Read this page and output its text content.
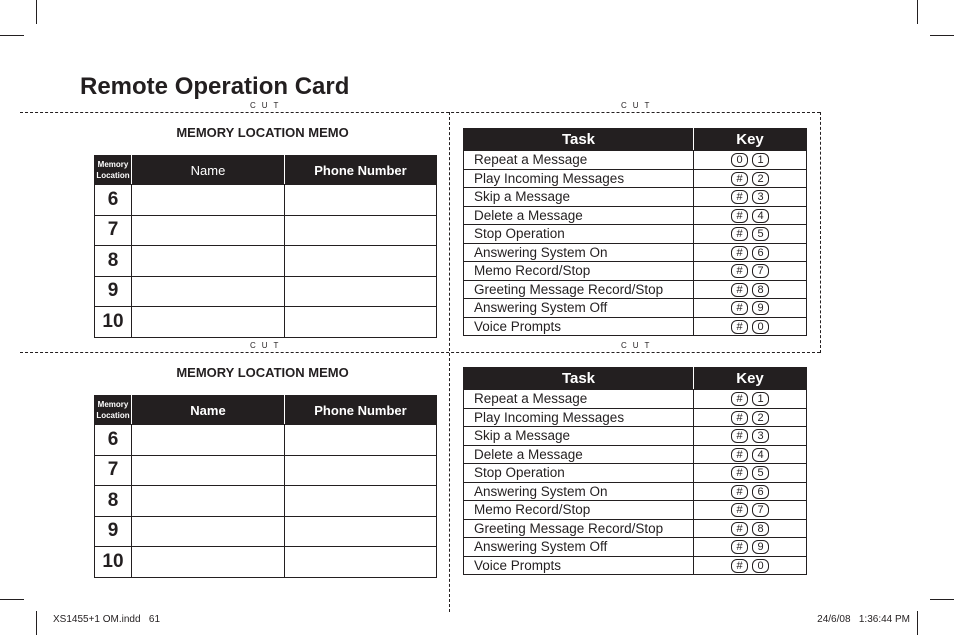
Remote Operation Card
CUT	CUT
CUT	CUT
MEMORY LOCATION MEMO
Memory
Location	Name	Phone Number
6		
7		
8		
9		
10		
Task	Key
Repeat a Message	0 1
Play Incoming Messages	# 2
Skip a Message	# 3
Delete a Message	# 4
Stop Operation	# 5
Answering System On	# 6
Memo Record/Stop	# 7
Greeting Message Record/Stop	# 8
Answering System Off	# 9
Voice Prompts	# 0
MEMORY LOCATION MEMO
Memory
Location	Name	Phone Number
6		
7		
8		
9		
10		
Task	Key
Repeat a Message	# 1
Play Incoming Messages	# 2
Skip a Message	# 3
Delete a Message	# 4
Stop Operation	# 5
Answering System On	# 6
Memo Record/Stop	# 7
Greeting Message Record/Stop	# 8
Answering System Off	# 9
Voice Prompts	# 0
XS1455+1 OM.indd   61	24/6/08   1:36:44 PM
